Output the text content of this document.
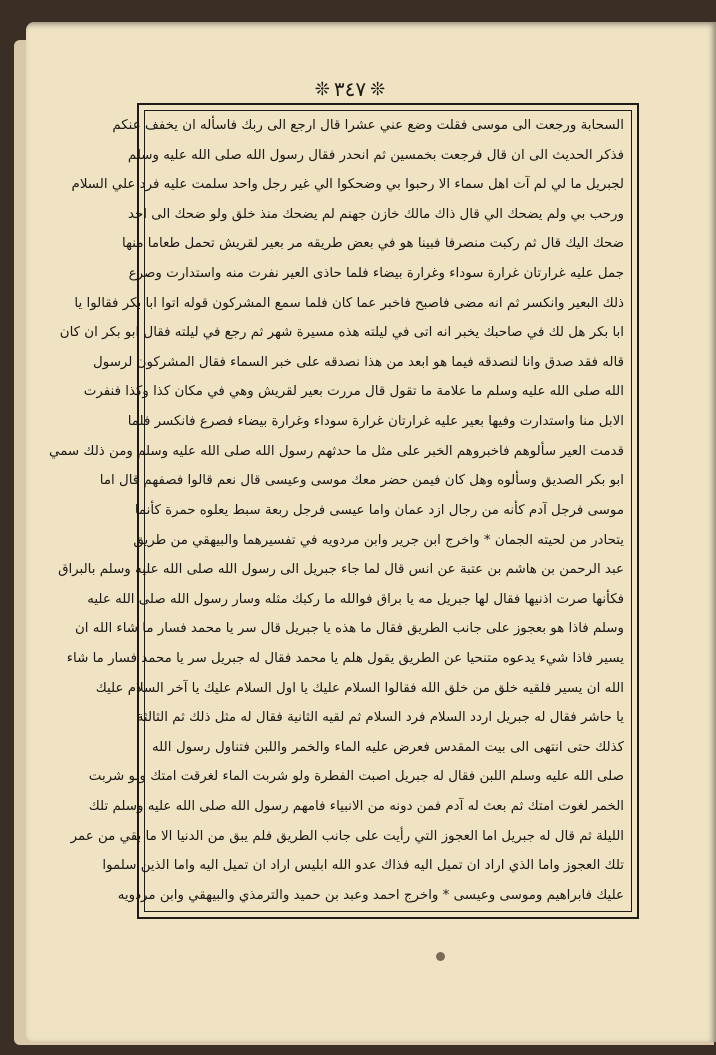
❊ ٣٤٧ ❊
السحابة ورجعت الى موسى فقلت وضع عني عشرا قال ارجع الى ربك فاسأله ان يخفف عنكم
فذكر الحديث الى ان قال فرجعت بخمسين ثم انحدر فقال رسول الله صلى الله عليه وسلم
لجبريل ما لي لم آت اهل سماء الا رحبوا بي وضحكوا الي غير رجل واحد سلمت عليه فرد علي السلام
ورحب بي ولم يضحك الي قال ذاك مالك خازن جهنم لم يضحك منذ خلق ولو ضحك الى احد
ضحك اليك قال ثم ركبت منصرفا فبينا هو في بعض طريقه مر بعير لقريش تحمل طعاما منها
جمل عليه غرارتان غرارة سوداء وغرارة بيضاء فلما حاذى العير نفرت منه واستدارت وصرع
ذلك البعير وانكسر ثم انه مضى فاصبح فاخبر عما كان فلما سمع المشركون قوله اتوا ابا بكر فقالوا يا
ابا بكر هل لك في صاحبك يخبر انه اتى في ليلته هذه مسيرة شهر ثم رجع في ليلته فقال ابو بكر ان كان
قاله فقد صدق وانا لنصدقه فيما هو ابعد من هذا نصدقه على خبر السماء فقال المشركون لرسول
الله صلى الله عليه وسلم ما علامة ما تقول قال مررت بعير لقريش وهي في مكان كذا وكذا فنفرت
الابل منا واستدارت وفيها بعير عليه غرارتان غرارة سوداء وغرارة بيضاء فصرع فانكسر فلما
قدمت العير سألوهم فاخبروهم الخبر على مثل ما حدثهم رسول الله صلى الله عليه وسلم ومن ذلك سمي
ابو بكر الصديق وسألوه وهل كان فيمن حضر معك موسى وعيسى قال نعم قالوا فصفهم قال اما
موسى فرجل آدم كأنه من رجال ازد عمان واما عيسى فرجل ربعة سبط يعلوه حمرة كأنما
يتحادر من لحيته الجمان * واخرج ابن جرير وابن مردويه في تفسيرهما والبيهقي من طريق
عبد الرحمن بن هاشم بن عتبة عن انس قال لما جاء جبريل الى رسول الله صلى الله عليه وسلم بالبراق
فكأنها صرت اذنيها فقال لها جبريل مه يا براق فوالله ما ركبك مثله وسار رسول الله صلى الله عليه
وسلم فاذا هو بعجوز على جانب الطريق فقال ما هذه يا جبريل قال سر يا محمد فسار ما شاء الله ان
يسير فاذا شيء يدعوه متنحيا عن الطريق يقول هلم يا محمد فقال له جبريل سر يا محمد فسار ما شاء
الله ان يسير فلقيه خلق من خلق الله فقالوا السلام عليك يا اول السلام عليك يا آخر السلام عليك
يا حاشر فقال له جبريل اردد السلام فرد السلام ثم لقيه الثانية فقال له مثل ذلك ثم الثالثة
كذلك حتى انتهى الى بيت المقدس فعرض عليه الماء والخمر واللبن فتناول رسول الله
صلى الله عليه وسلم اللبن فقال له جبريل اصبت الفطرة ولو شربت الماء لغرقت امتك ولو شربت
الخمر لغوت امتك ثم بعث له آدم فمن دونه من الانبياء فامهم رسول الله صلى الله عليه وسلم تلك
الليلة ثم قال له جبريل اما العجوز التي رأيت على جانب الطريق فلم يبق من الدنيا الا ما بقي من عمر
تلك العجوز واما الذي اراد ان تميل اليه فذاك عدو الله ابليس اراد ان تميل اليه واما الذين سلموا
عليك فابراهيم وموسى وعيسى * واخرج احمد وعبد بن حميد والترمذي والبيهقي وابن مردويه
